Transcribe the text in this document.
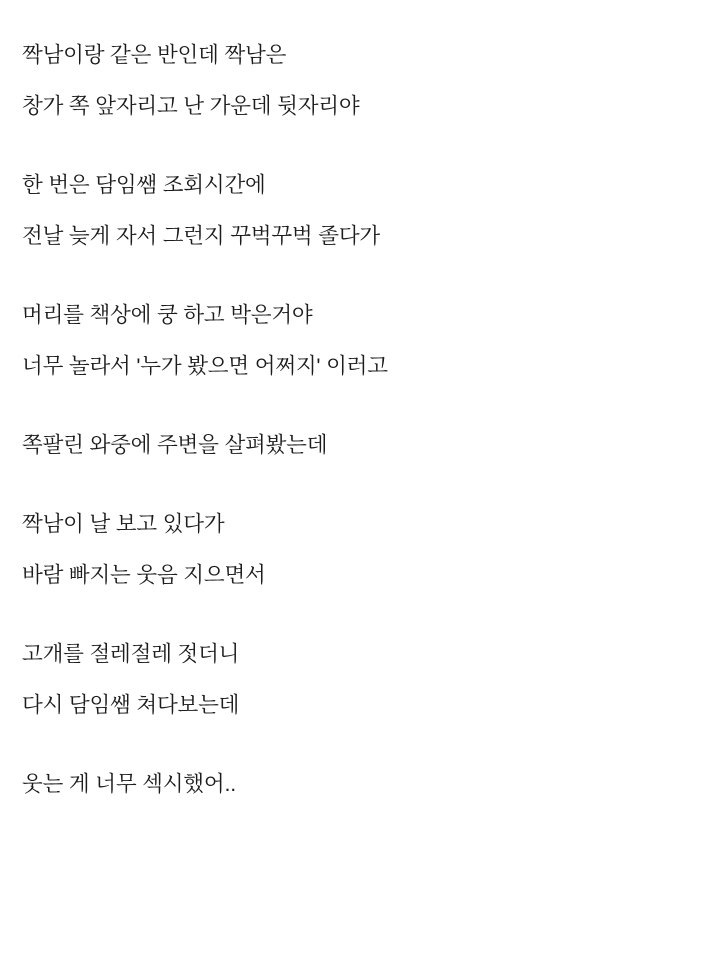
짝남이랑 같은 반인데 짝남은
창가 쪽 앞자리고 난 가운데 뒷자리야
한 번은 담임쌤 조회시간에
전날 늦게 자서 그런지 꾸벅꾸벅 졸다가
머리를 책상에 쿵 하고 박은거야
너무 놀라서 '누가 봤으면 어쩌지' 이러고
쪽팔린 와중에 주변을 살펴봤는데
짝남이 날 보고 있다가
바람 빠지는 웃음 지으면서
고개를 절레절레 젓더니
다시 담임쌤 쳐다보는데
웃는 게 너무 섹시했어..
